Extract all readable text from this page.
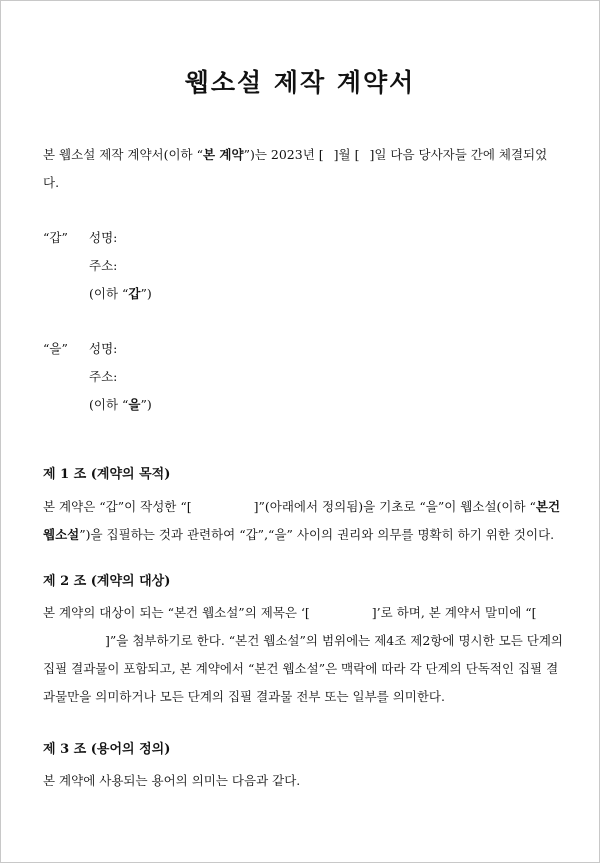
웹소설 제작 계약서

본 웹소설 제작 계약서(이하 “본 계약”)는 2023년 [ ]월 [ ]일 다음 당사자들 간에 체결되었다.

“갑” 성명:
주소:
(이하 “갑”)
“을” 성명:
주소:
(이하 “을”)
제 1 조 (계약의 목적)

본 계약은 “갑”이 작성한 “[	]”(아래에서 정의됨)을 기초로 “을”이 웹소설(이하 “본건 웹소설”)을 집필하는 것과 관련하여 “갑”,“을” 사이의 권리와 의무를 명확히 하기 위한 것이다.

제 2 조 (계약의 대상)

본 계약의 대상이 되는 “본건 웹소설”의 제목은 ‘[	]’로 하며, 본 계약서 말미에 “[]”을 첨부하기로 한다. “본건 웹소설”의 범위에는 제4조 제2항에 명시한 모든 단계의 집필 결과물이 포함되고, 본 계약에서 “본건 웹소설”은 맥락에 따라 각 단계의 단독적인 집필 결과물만을 의미하거나 모든 단계의 집필 결과물 전부 또는 일부를 의미한다.

제 3 조 (용어의 정의)

본 계약에 사용되는 용어의 의미는 다음과 같다.
